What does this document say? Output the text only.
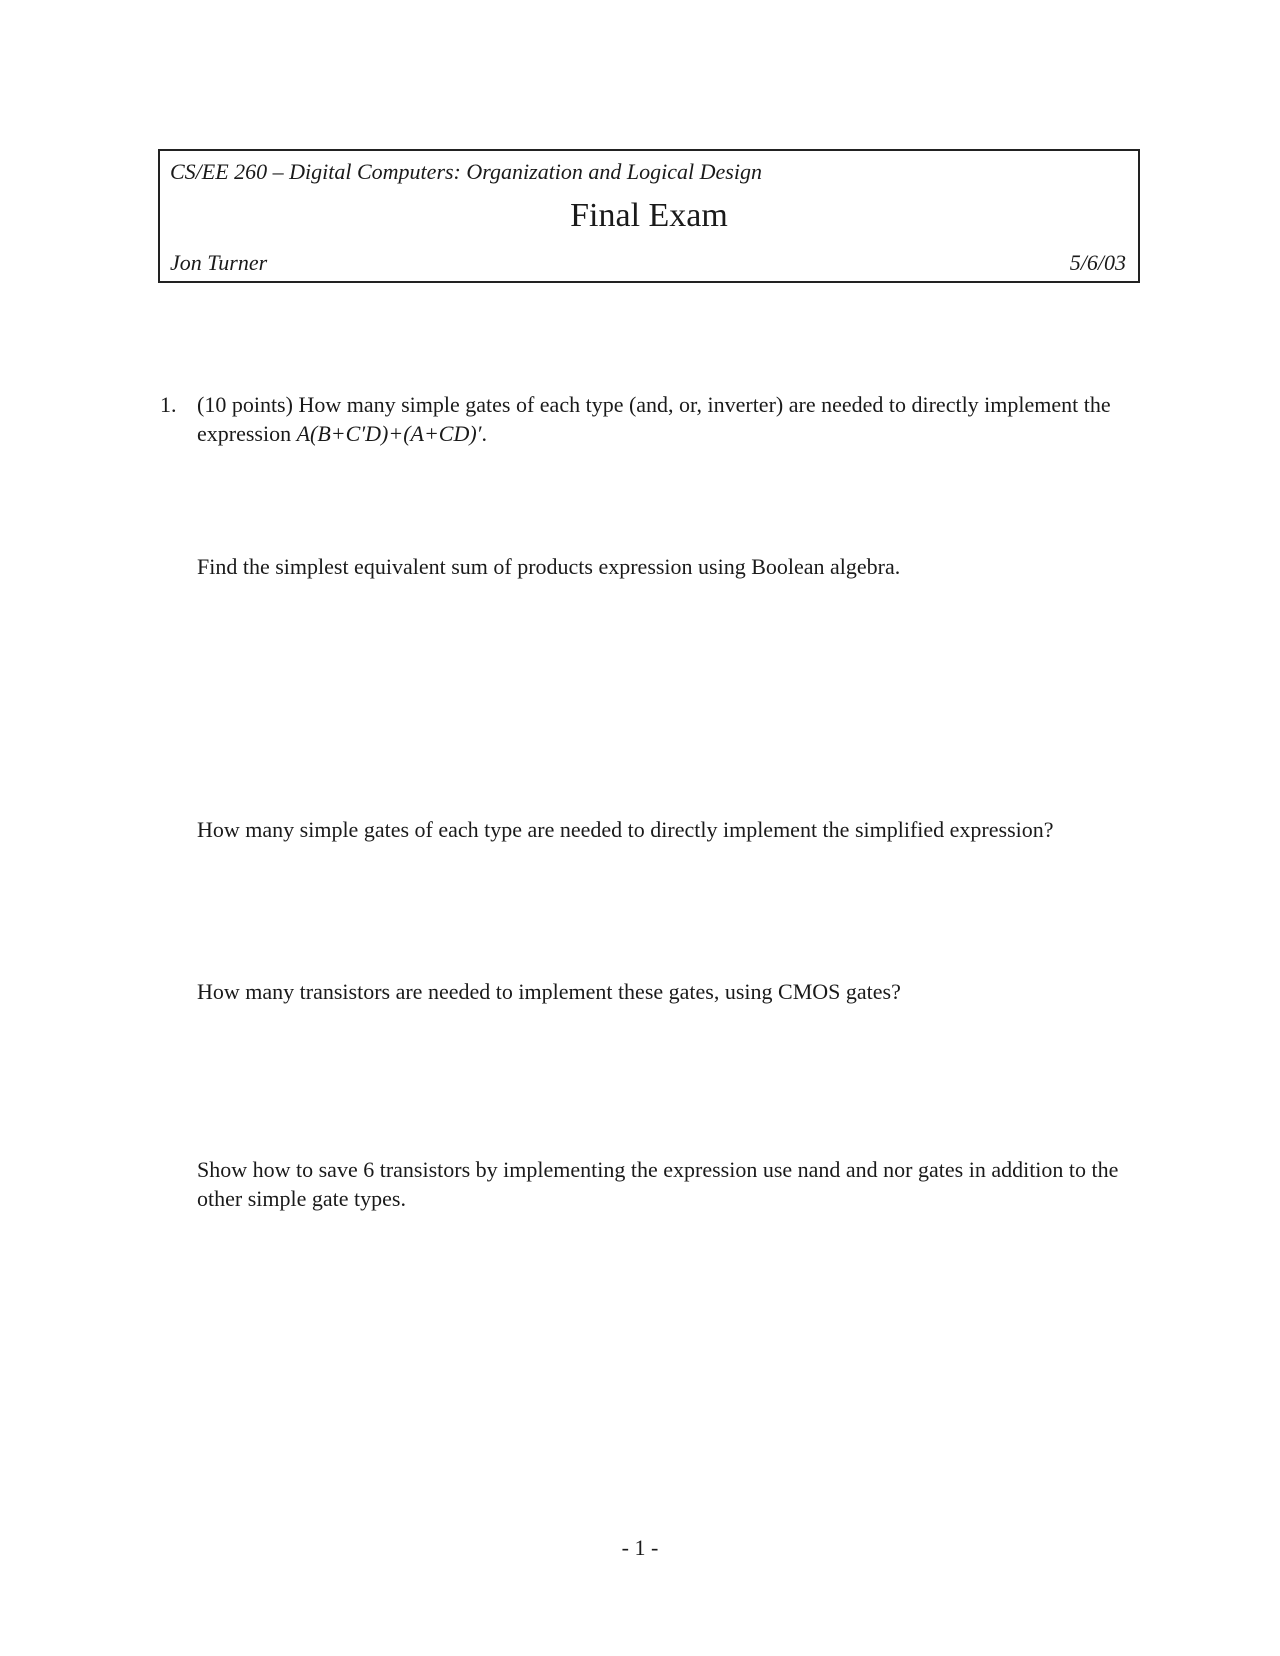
CS/EE 260 – Digital Computers: Organization and Logical Design
Final Exam
Jon Turner	5/6/03
1. (10 points) How many simple gates of each type (and, or, inverter) are needed to directly implement the expression A(B+C′D)+(A+CD)′.
Find the simplest equivalent sum of products expression using Boolean algebra.
How many simple gates of each type are needed to directly implement the simplified expression?
How many transistors are needed to implement these gates, using CMOS gates?
Show how to save 6 transistors by implementing the expression use nand and nor gates in addition to the other simple gate types.
- 1 -
